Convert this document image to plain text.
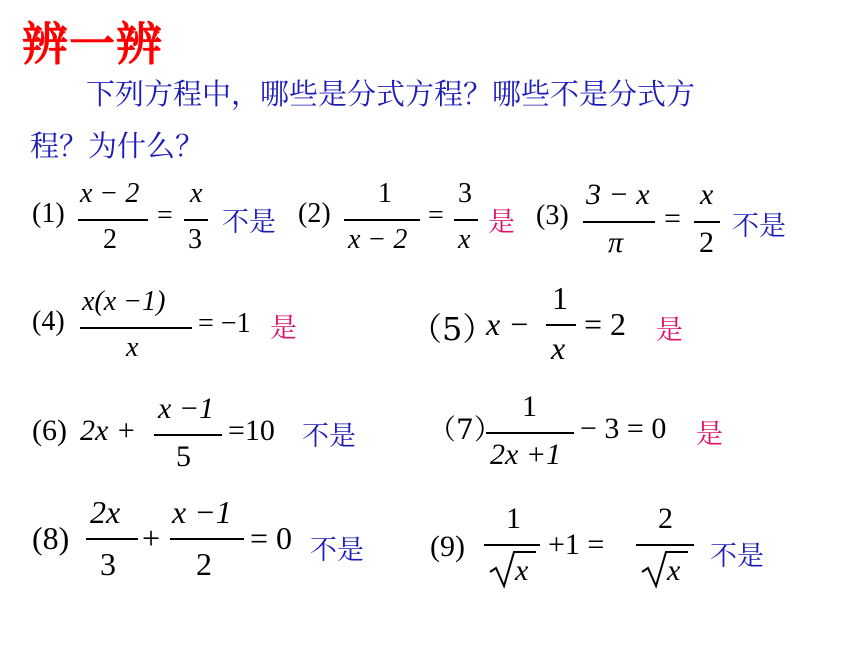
辨一辨
下列方程中，哪些是分式方程？哪些不是分式方
程？为什么？
(1)
x − 2
2
=
x
3
不是 (2)
1
x − 2
=
3
x
是 (3)
3 − x
π
=
x
2 不是
(4)
x(x −1)
x
= −1 是	（5）
x −
1
x
= 2 是
(6) 2x +
x −1
5
=10 不是	（7）
1
2x +1
− 3 = 0 是
(8)
2x
3
+
x −1
2
= 0 不是 (9)
1
x
+1 =
2
x 不是
